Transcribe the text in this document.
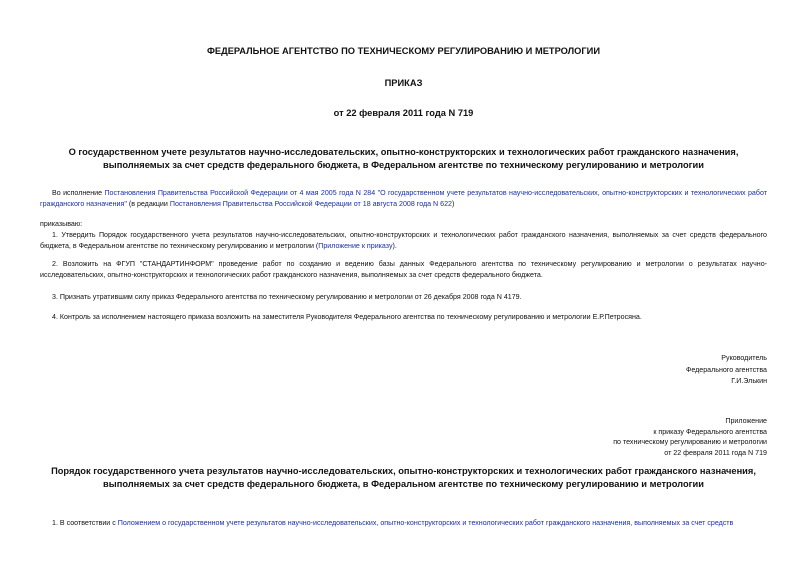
ФЕДЕРАЛЬНОЕ АГЕНТСТВО ПО ТЕХНИЧЕСКОМУ РЕГУЛИРОВАНИЮ И МЕТРОЛОГИИ

ПРИКАЗ

от 22 февраля 2011 года N 719

О государственном учете результатов научно-исследовательских, опытно-конструкторских и технологических работ гражданского назначения, выполняемых за счет средств федерального бюджета, в Федеральном агентстве по техническому регулированию и метрологии

Во исполнение Постановления Правительства Российской Федерации от 4 мая 2005 года N 284 "О государственном учете результатов научно-исследовательских, опытно-конструкторских и технологических работ гражданского назначения" (в редакции Постановления Правительства Российской Федерации от 18 августа 2008 года N 622)

приказываю:

1. Утвердить Порядок государственного учета результатов научно-исследовательских, опытно-конструкторских и технологических работ гражданского назначения, выполняемых за счет средств федерального бюджета, в Федеральном агентстве по техническому регулированию и метрологии (Приложение к приказу).

2. Возложить на ФГУП "СТАНДАРТИНФОРМ" проведение работ по созданию и ведению базы данных Федерального агентства по техническому регулированию и метрологии о результатах научно-исследовательских, опытно-конструкторских и технологических работ гражданского назначения, выполняемых за счет средств федерального бюджета.

3. Признать утратившим силу приказ Федерального агентства по техническому регулированию и метрологии от 26 декабря 2008 года N 4179.

4. Контроль за исполнением настоящего приказа возложить на заместителя Руководителя Федерального агентства по техническому регулированию и метрологии Е.Р.Петросяна.

Руководитель
Федерального агентства
Г.И.Элькин
Приложение
к приказу Федерального агентства
по техническому регулированию и метрологии
от 22 февраля 2011 года N 719

Порядок государственного учета результатов научно-исследовательских, опытно-конструкторских и технологических работ гражданского назначения, выполняемых за счет средств федерального бюджета, в Федеральном агентстве по техническому регулированию и метрологии

1. В соответствии с Положением о государственном учете результатов научно-исследовательских, опытно-конструкторских и технологических работ гражданского назначения, выполняемых за счет средств
